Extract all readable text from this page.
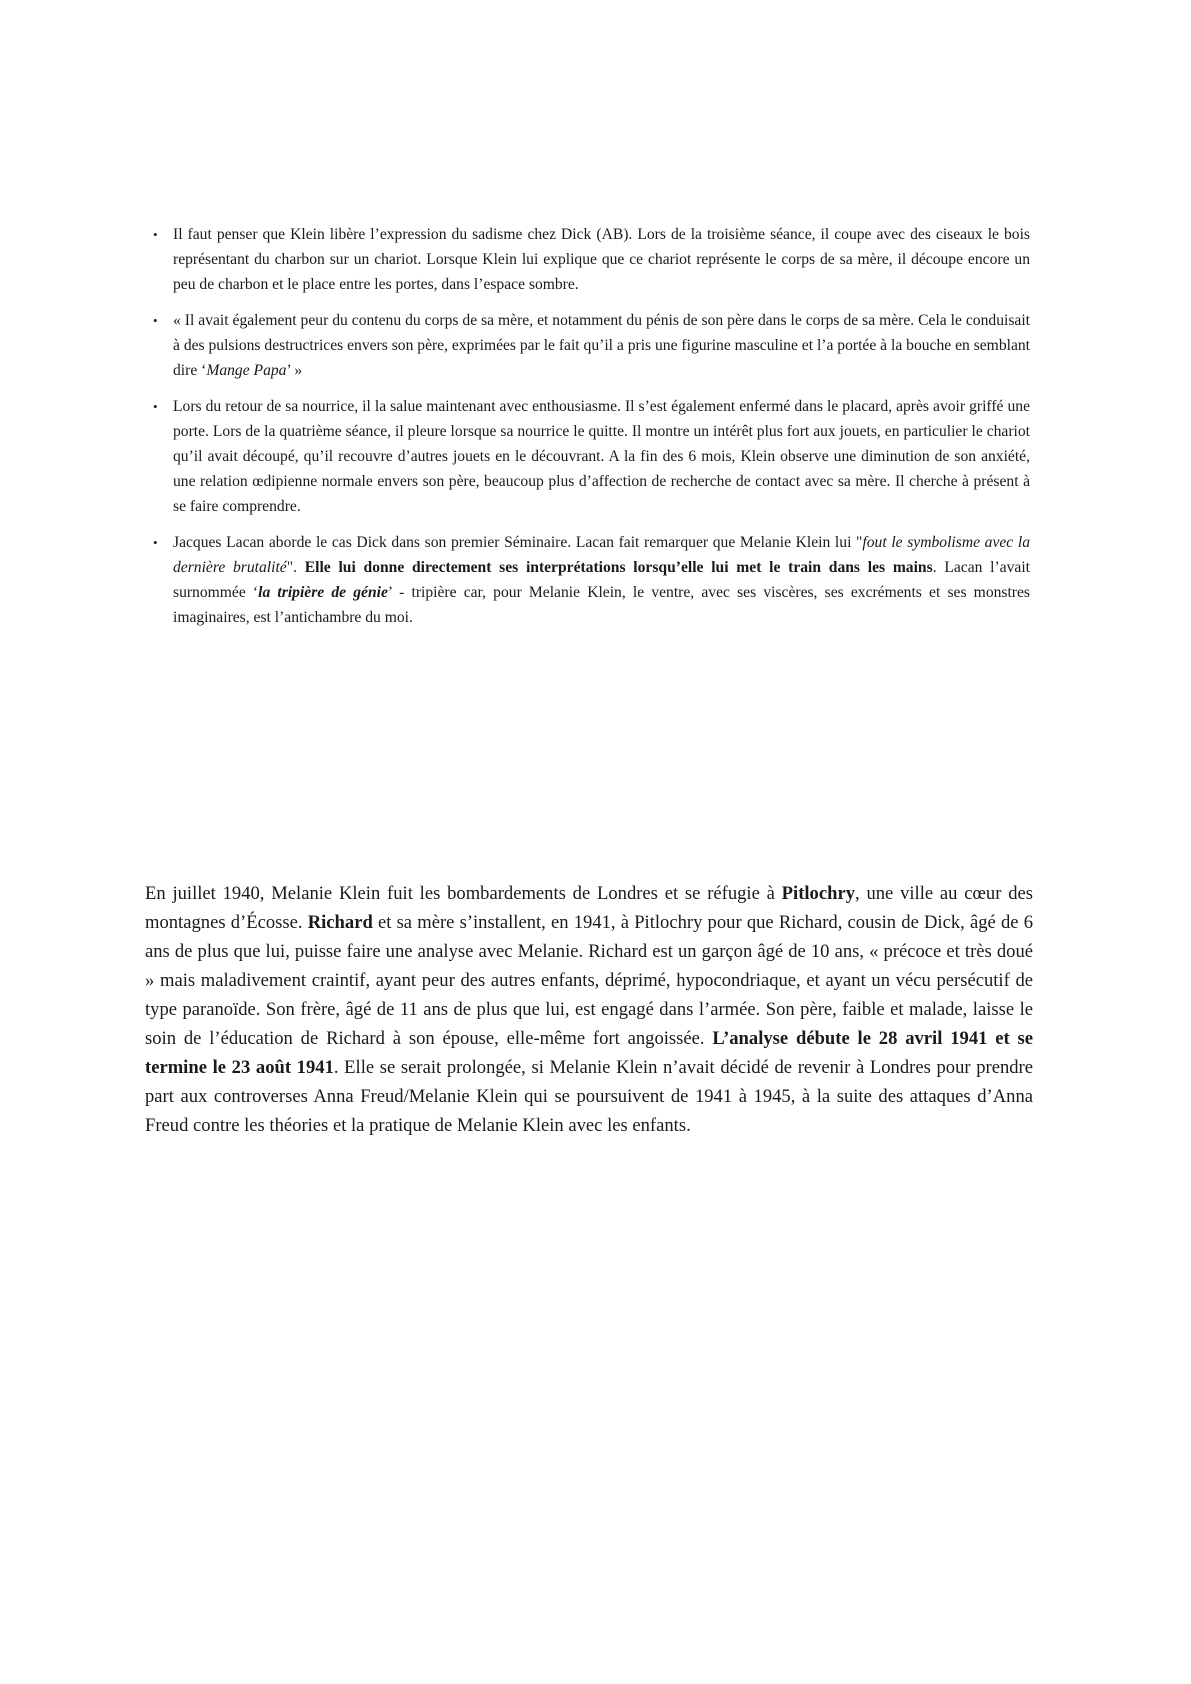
• Il faut penser que Klein libère l’expression du sadisme chez Dick (AB). Lors de la troisième séance, il coupe avec des ciseaux le bois représentant du charbon sur un chariot. Lorsque Klein lui explique que ce chariot représente le corps de sa mère, il découpe encore un peu de charbon et le place entre les portes, dans l’espace sombre.
• « Il avait également peur du contenu du corps de sa mère, et notamment du pénis de son père dans le corps de sa mère. Cela le conduisait à des pulsions destructrices envers son père, exprimées par le fait qu’il a pris une figurine masculine et l’a portée à la bouche en semblant dire ‘Mange Papa’ »
• Lors du retour de sa nourrice, il la salue maintenant avec enthousiasme. Il s’est également enfermé dans le placard, après avoir griffé une porte. Lors de la quatrième séance, il pleure lorsque sa nourrice le quitte. Il montre un intérêt plus fort aux jouets, en particulier le chariot qu’il avait découpé, qu’il recouvre d’autres jouets en le découvrant. A la fin des 6 mois, Klein observe une diminution de son anxiété, une relation œdipienne normale envers son père, beaucoup plus d’affection de recherche de contact avec sa mère. Il cherche à présent à se faire comprendre.
• Jacques Lacan aborde le cas Dick dans son premier Séminaire. Lacan fait remarquer que Melanie Klein lui "fout le symbolisme avec la dernière brutalité". Elle lui donne directement ses interprétations lorsqu’elle lui met le train dans les mains. Lacan l’avait surnommée ‘la tripière de génie’ - tripière car, pour Melanie Klein, le ventre, avec ses viscères, ses excréments et ses monstres imaginaires, est l’antichambre du moi.

En juillet 1940, Melanie Klein fuit les bombardements de Londres et se réfugie à Pitlochry, une ville au cœur des montagnes d’Écosse. Richard et sa mère s’installent, en 1941, à Pitlochry pour que Richard, cousin de Dick, âgé de 6 ans de plus que lui, puisse faire une analyse avec Melanie. Richard est un garçon âgé de 10 ans, « précoce et très doué » mais maladivement craintif, ayant peur des autres enfants, déprimé, hypocondriaque, et ayant un vécu persécutif de type paranoïde. Son frère, âgé de 11 ans de plus que lui, est engagé dans l’armée. Son père, faible et malade, laisse le soin de l’éducation de Richard à son épouse, elle-même fort angoissée. L’analyse débute le 28 avril 1941 et se termine le 23 août 1941. Elle se serait prolongée, si Melanie Klein n’avait décidé de revenir à Londres pour prendre part aux controverses Anna Freud/Melanie Klein qui se poursuivent de 1941 à 1945, à la suite des attaques d’Anna Freud contre les théories et la pratique de Melanie Klein avec les enfants.
